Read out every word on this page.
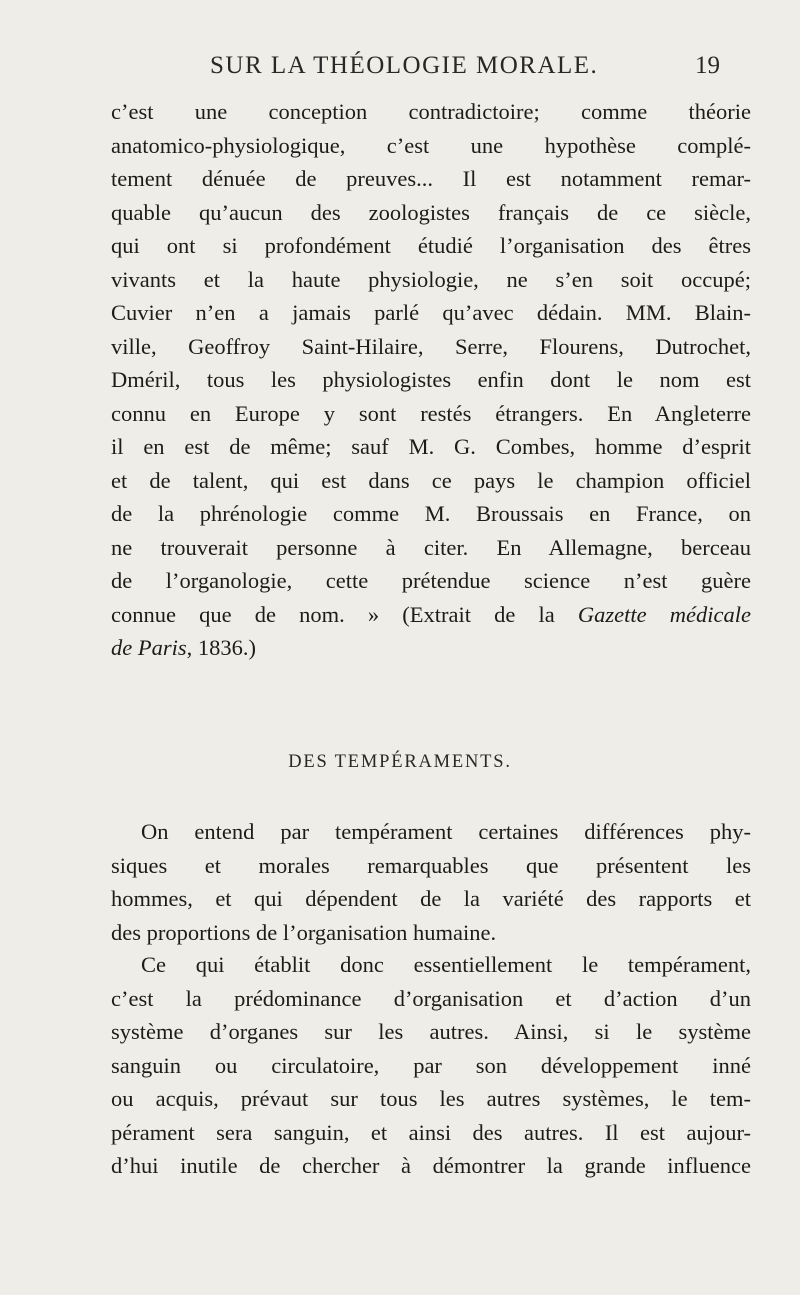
SUR LA THÉOLOGIE MORALE.	19
c’est une conception contradictoire; comme théorie
anatomico-physiologique, c’est une hypothèse complé-
tement dénuée de preuves... Il est notamment remar-
quable qu’aucun des zoologistes français de ce siècle,
qui ont si profondément étudié l’organisation des êtres
vivants et la haute physiologie, ne s’en soit occupé;
Cuvier n’en a jamais parlé qu’avec dédain. MM. Blain-
ville, Geoffroy Saint-Hilaire, Serre, Flourens, Dutrochet,
Dméril, tous les physiologistes enfin dont le nom est
connu en Europe y sont restés étrangers. En Angleterre
il en est de même; sauf M. G. Combes, homme d’esprit
et de talent, qui est dans ce pays le champion officiel
de la phrénologie comme M. Broussais en France, on
ne trouverait personne à citer. En Allemagne, berceau
de l’organologie, cette prétendue science n’est guère
connue que de nom. » (Extrait de la Gazette médicale
de Paris, 1836.)
DES TEMPÉRAMENTS.
On entend par tempérament certaines différences phy-
siques et morales remarquables que présentent les
hommes, et qui dépendent de la variété des rapports et
des proportions de l’organisation humaine.
Ce qui établit donc essentiellement le tempérament,
c’est la prédominance d’organisation et d’action d’un
système d’organes sur les autres. Ainsi, si le système
sanguin ou circulatoire, par son développement inné
ou acquis, prévaut sur tous les autres systèmes, le tem-
pérament sera sanguin, et ainsi des autres. Il est aujour-
d’hui inutile de chercher à démontrer la grande influence
